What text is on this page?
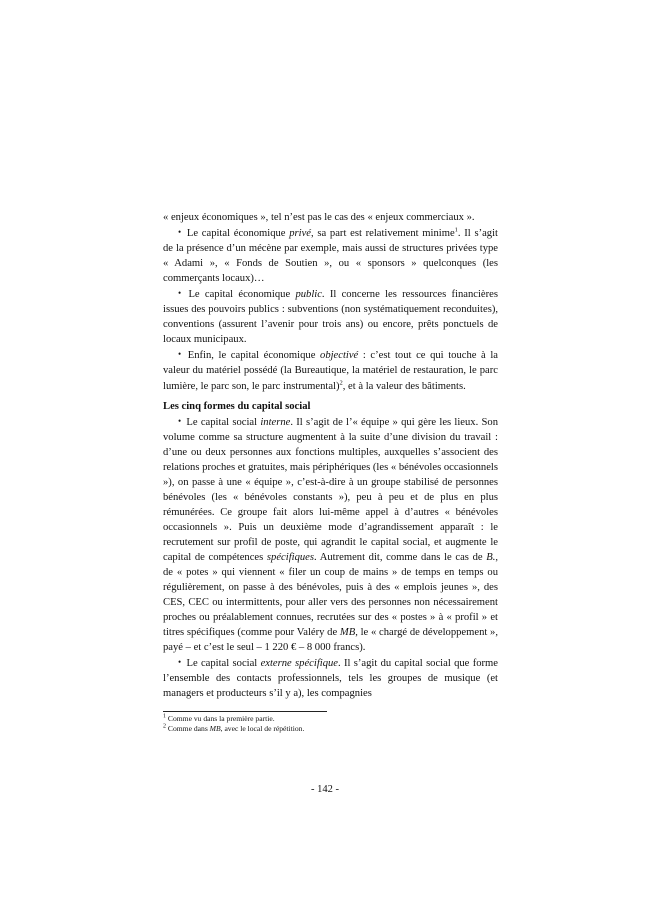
« enjeux économiques », tel n’est pas le cas des « enjeux commerciaux ».

• Le capital économique privé, sa part est relativement minime$^1$. Il s’agit de la présence d’un mécène par exemple, mais aussi de structures privées type « Adami », « Fonds de Soutien », ou « sponsors » quelconques (les commerçants locaux)…

• Le capital économique public. Il concerne les ressources financières issues des pouvoirs publics : subventions (non systématiquement reconduites), conventions (assurent l’avenir pour trois ans) ou encore, prêts ponctuels de locaux municipaux.

• Enfin, le capital économique objectivé : c’est tout ce qui touche à la valeur du matériel possédé (la Bureautique, la matériel de restauration, le parc lumière, le parc son, le parc instrumental)$^2$, et à la valeur des bâtiments.

Les cinq formes du capital social

• Le capital social interne. Il s’agit de l’« équipe » qui gère les lieux. Son volume comme sa structure augmentent à la suite d’une division du travail : d’une ou deux personnes aux fonctions multiples, auxquelles s’associent des relations proches et gratuites, mais périphériques (les « bénévoles occasionnels »), on passe à une « équipe », c’est-à-dire à un groupe stabilisé de personnes bénévoles (les « bénévoles constants »), peu à peu et de plus en plus rémunérées. Ce groupe fait alors lui-même appel à d’autres « bénévoles occasionnels ». Puis un deuxième mode d’agrandissement apparaît : le recrutement sur profil de poste, qui agrandit le capital social, et augmente le capital de compétences spécifiques. Autrement dit, comme dans le cas de B., de « potes » qui viennent « filer un coup de mains » de temps en temps ou régulièrement, on passe à des bénévoles, puis à des « emplois jeunes », des CES, CEC ou intermittents, pour aller vers des personnes non nécessairement proches ou préalablement connues, recrutées sur des « postes » à « profil » et titres spécifiques (comme pour Valéry de MB, le « chargé de développement », payé – et c’est le seul – 1 220 € – 8 000 francs).

• Le capital social externe spécifique. Il s’agit du capital social que forme l’ensemble des contacts professionnels, tels les groupes de musique (et managers et producteurs s’il y a), les compagnies

$^1$ Comme vu dans la première partie.

$^2$ Comme dans MB, avec le local de répétition.

- 142 -
